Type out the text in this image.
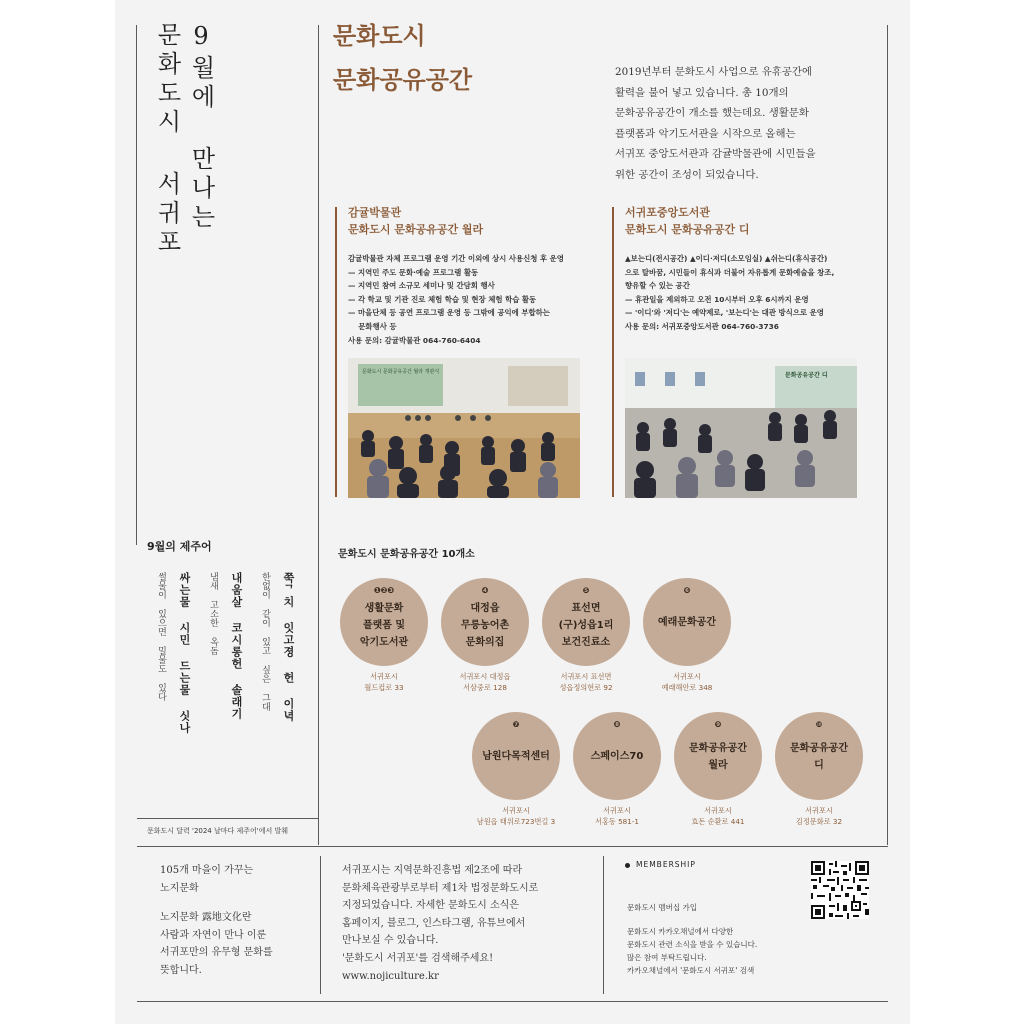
문화도시 서귀포 9월에 만나는
9월의 제주어
쭉ᄀ치 잇고졍 헌 이녁
한없이 같이 있고 싶은 그대
내움살 코시롱헌 솔래기
냄새 고소한 옥돔
싸는물 시민 드는물 싯나
썰물이 있으면 밀물도 있다
문화도시 달력 '2024 날마다 제주어'에서 발췌
문화도시
문화공유공간	2019년부터 문화도시 사업으로 유휴공간에
활력을 불어 넣고 있습니다. 총 10개의
문화공유공간이 개소를 했는데요. 생활문화
플랫폼과 악기도서관을 시작으로 올해는
서귀포 중앙도서관과 감귤박물관에 시민들을
위한 공간이 조성이 되었습니다.
감귤박물관
문화도시 문화공유공간 월라
감귤박물관 자체 프로그램 운영 기간 이외에 상시 사용신청 후 운영
— 지역민 주도 문화·예술 프로그램 활동
— 지역민 참여 소규모 세미나 및 간담회 행사
— 각 학교 및 기관 진로 체험 학습 및 현장 체험 학습 활동
— 마을단체 등 공연 프로그램 운영 등 그밖에 공익에 부합하는
문화행사 등
사용 문의: 감귤박물관 064-760-6404
문화도시 문화공유공간 월라 개관식
서귀포중앙도서관
문화도시 문화공유공간 디
▲보는디(전시공간) ▲이디·저디(소모임실) ▲쉬는디(휴식공간)
으로 탈바꿈, 시민들이 휴식과 더불어 자유롭게 문화예술을 창조,
향유할 수 있는 공간
— 휴관일을 제외하고 오전 10시부터 오후 6시까지 운영
— '이디'와 '저디'는 예약제로, '보는디'는 대관 방식으로 운영
사용 문의: 서귀포중앙도서관 064-760-3736
문화공유공간 디
문화도시 문화공유공간 10개소
❶❷❸
생활문화
플랫폼 및
악기도서관
서귀포시
월드컵로 33
❹
대정읍
무릉농어촌
문화의집
서귀포시 대정읍
서삼중로 128
❺
표선면
(구)성읍1리
보건진료소
서귀포시 표선면
성읍정의현로 92
❻
예래문화공간
서귀포시
예래해안로 348
❼
남원다목적센터
서귀포시
남원읍 태위로723번길 3
❽
스페이스70
서귀포시
서홍동 581-1
❾
문화공유공간
월라
서귀포시
효돈 순환로 441
❿
문화공유공간
디
서귀포시
김정문화로 32
105개 마을이 가꾸는
노지문화
노지문화 露地文化란
사람과 자연이 만나 이룬
서귀포만의 유무형 문화를
뜻합니다.
서귀포시는 지역문화진흥법 제2조에 따라
문화체육관광부로부터 제1차 법정문화도시로
지정되었습니다. 자세한 문화도시 소식은
홈페이지, 블로그, 인스타그램, 유튜브에서
만나보실 수 있습니다.
'문화도시 서귀포'를 검색해주세요!
www.nojiculture.kr
MEMBERSHIP
문화도시 멤버십 가입
문화도시 카카오채널에서 다양한
문화도시 관련 소식을 받을 수 있습니다.
많은 참여 부탁드립니다.
카카오채널에서 '문화도시 서귀포' 검색
